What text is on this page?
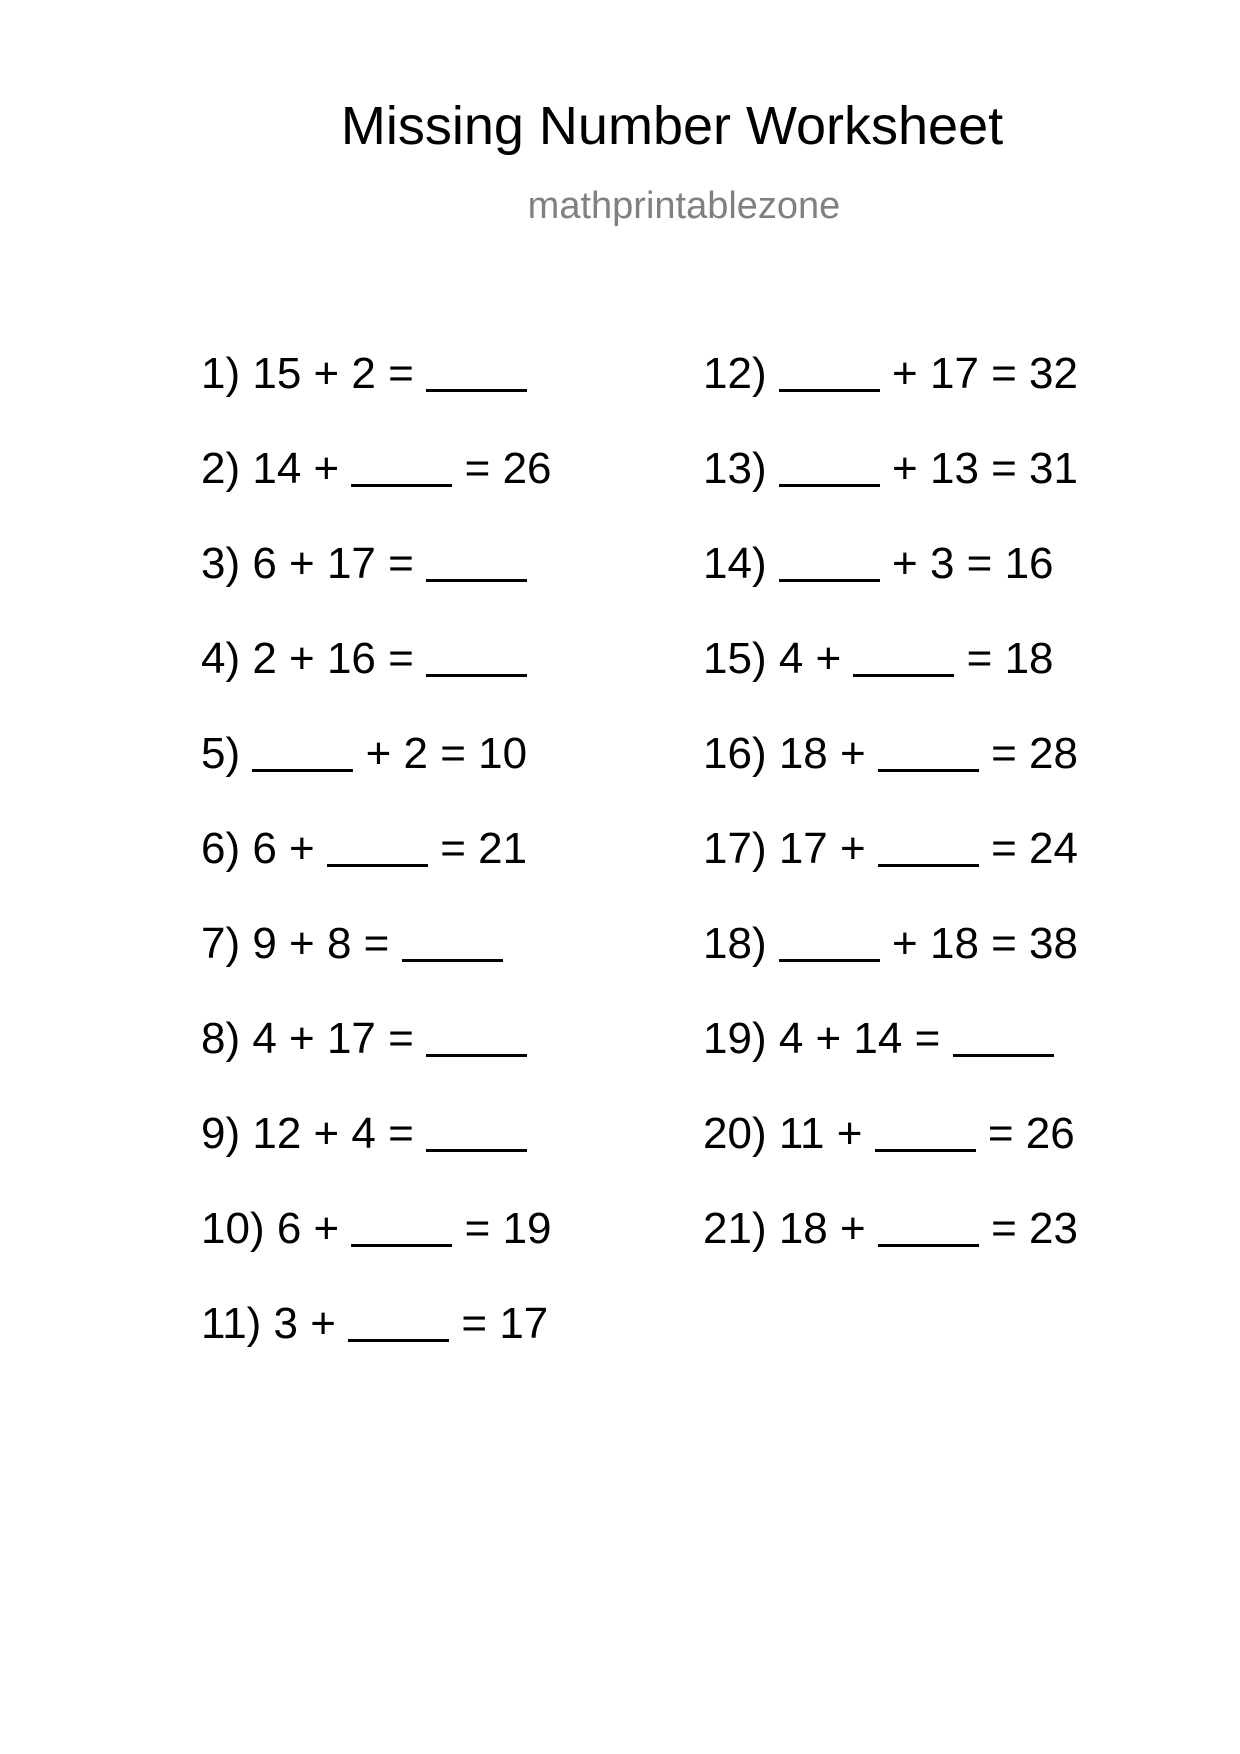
Missing Number Worksheet
mathprintablezone
1) 15 + 2 =
2) 14 +  = 26
3) 6 + 17 =
4) 2 + 16 =
5)	+ 2 = 10
6) 6 +  = 21
7) 9 + 8 =
8) 4 + 17 =
9) 12 + 4 =
10) 6 +  = 19
11) 3 +  = 17
12)	+ 17 = 32
13)	+ 13 = 31
14)	+ 3 = 16
15) 4 +  = 18
16) 18 +  = 28
17) 17 +  = 24
18)	+ 18 = 38
19) 4 + 14 =
20) 11 +  = 26
21) 18 +  = 23
